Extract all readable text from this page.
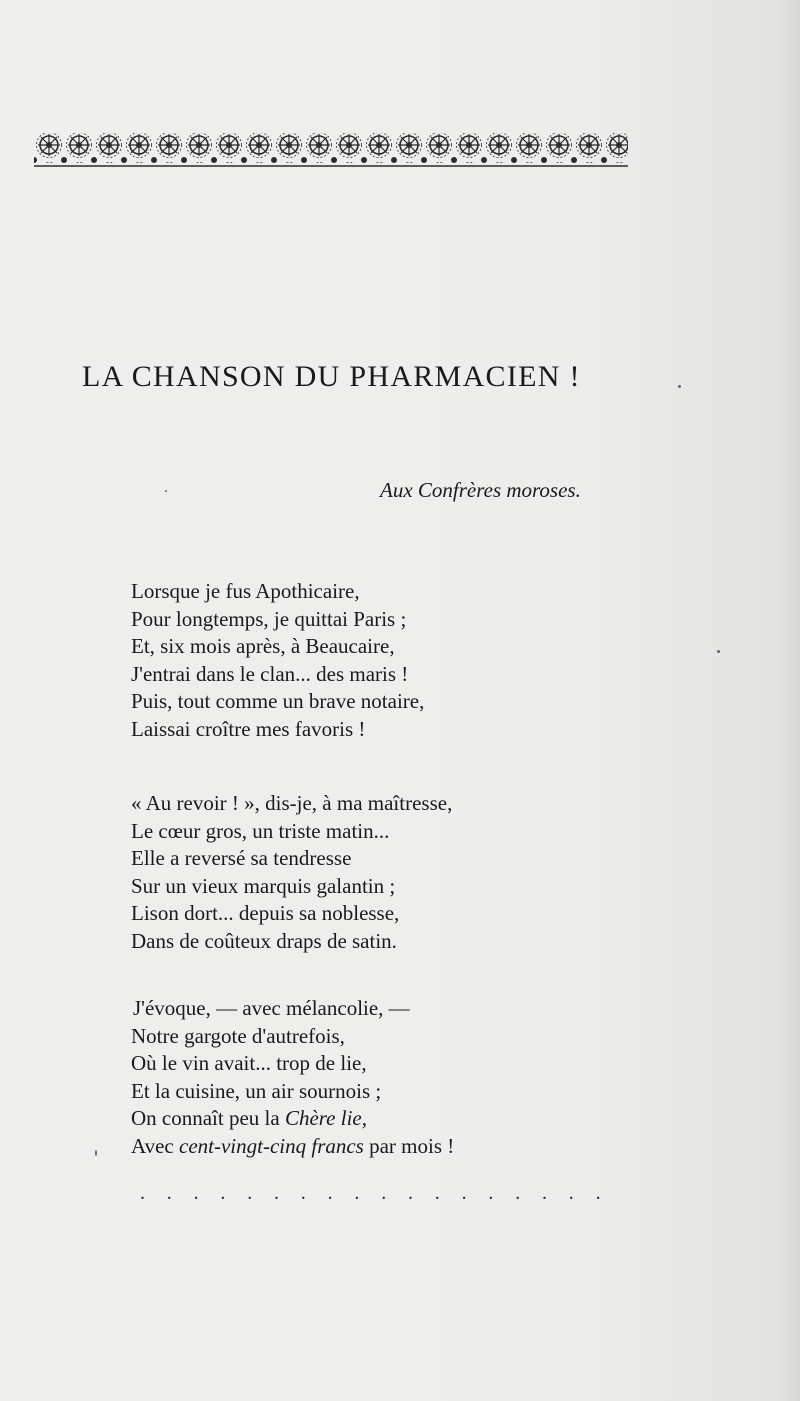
LA CHANSON DU PHARMACIEN !
Aux Confrères moroses.
Lorsque je fus Apothicaire,
Pour longtemps, je quittai Paris ;
Et, six mois après, à Beaucaire,
J'entrai dans le clan... des maris !
Puis, tout comme un brave notaire,
Laissai croître mes favoris !
« Au revoir ! », dis-je, à ma maîtresse,
Le cœur gros, un triste matin...
Elle a reversé sa tendresse
Sur un vieux marquis galantin ;
Lison dort... depuis sa noblesse,
Dans de coûteux draps de satin.
J'évoque, — avec mélancolie, —
Notre gargote d'autrefois,
Où le vin avait... trop de lie,
Et la cuisine, un air sournois ;
On connaît peu la Chère lie,
Avec cent-vingt-cinq francs par mois !
. . . . . . . . . . . . . . . . . .
